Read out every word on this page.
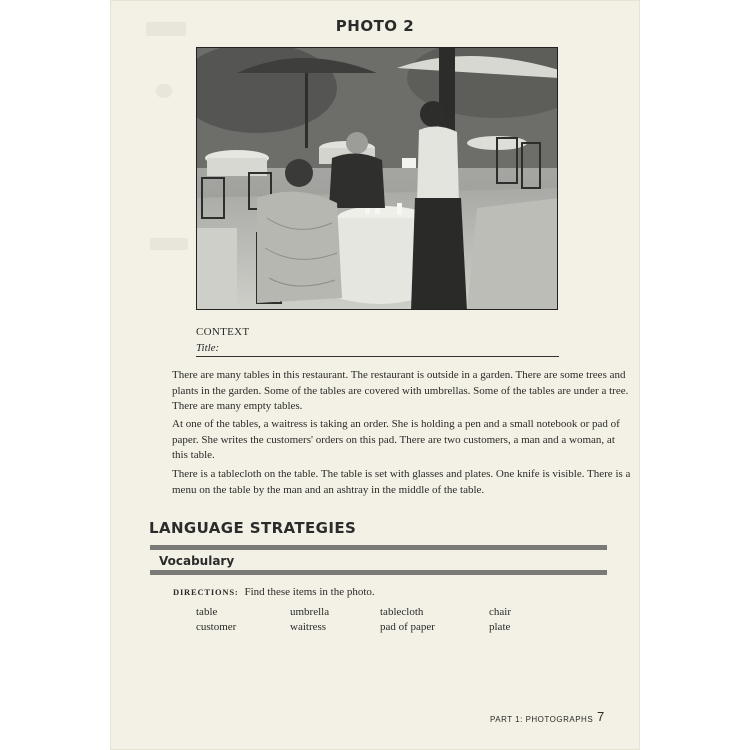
PHOTO 2
CONTEXT
Title:

There are many tables in this restaurant. The restaurant is outside in a garden. There are some trees and plants in the garden. Some of the tables are covered with umbrellas. Some of the tables are under a tree. There are many empty tables.

At one of the tables, a waitress is taking an order. She is holding a pen and a small notebook or pad of paper. She writes the customers' orders on this pad. There are two customers, a man and a woman, at this table.

There is a tablecloth on the table. The table is set with glasses and plates. One knife is visible. There is a menu on the table by the man and an ashtray in the middle of the table.

LANGUAGE STRATEGIES
Vocabulary
DIRECTIONS: Find these items in the photo.
table	umbrella	tablecloth	chair
customer	waitress	pad of paper	plate
PART 1: PHOTOGRAPHS 7
